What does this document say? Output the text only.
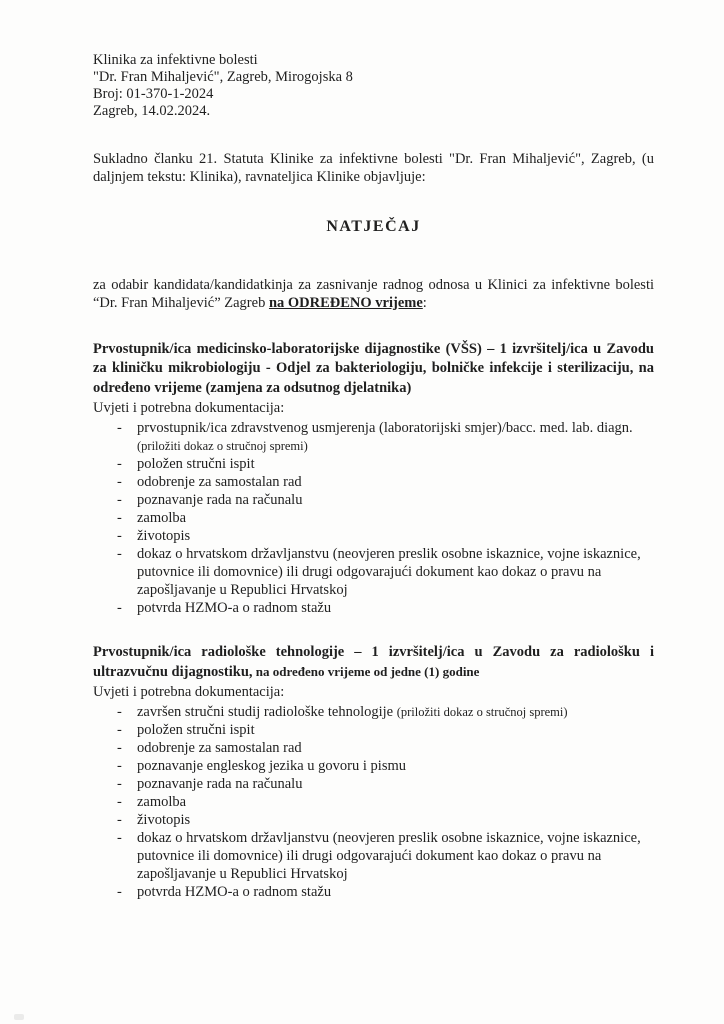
Klinika za infektivne bolesti
"Dr. Fran Mihaljević", Zagreb, Mirogojska 8
Broj: 01-370-1-2024
Zagreb, 14.02.2024.

Sukladno članku 21. Statuta Klinike za infektivne bolesti "Dr. Fran Mihaljević", Zagreb, (u daljnjem tekstu: Klinika), ravnateljica Klinike objavljuje:

NATJEČAJ

za odabir kandidata/kandidatkinja za zasnivanje radnog odnosa u Klinici za infektivne bolesti “Dr. Fran Mihaljević” Zagreb na ODREĐENO vrijeme:

Prvostupnik/ica medicinsko-laboratorijske dijagnostike (VŠS) – 1 izvršitelj/ica u Zavodu za kliničku mikrobiologiju - Odjel za bakteriologiju, bolničke infekcije i sterilizaciju, na određeno vrijeme (zamjena za odsutnog djelatnika)

Uvjeti i potrebna dokumentacija:
- prvostupnik/ica zdravstvenog usmjerenja (laboratorijski smjer)/bacc. med. lab. diagn.
(priložiti dokaz o stručnoj spremi)
- položen stručni ispit
- odobrenje za samostalan rad
- poznavanje rada na računalu
- zamolba
- životopis
- dokaz o hrvatskom državljanstvu (neovjeren preslik osobne iskaznice, vojne iskaznice, putovnice ili domovnice) ili drugi odgovarajući dokument kao dokaz o pravu na zapošljavanje u Republici Hrvatskoj
- potvrda HZMO-a o radnom stažu

Prvostupnik/ica radiološke tehnologije – 1 izvršitelj/ica u Zavodu za radiološku i ultrazvučnu dijagnostiku, na određeno vrijeme od jedne (1) godine

Uvjeti i potrebna dokumentacija:
- završen stručni studij radiološke tehnologije (priložiti dokaz o stručnoj spremi)
- položen stručni ispit
- odobrenje za samostalan rad
- poznavanje engleskog jezika u govoru i pismu
- poznavanje rada na računalu
- zamolba
- životopis
- dokaz o hrvatskom državljanstvu (neovjeren preslik osobne iskaznice, vojne iskaznice, putovnice ili domovnice) ili drugi odgovarajući dokument kao dokaz o pravu na zapošljavanje u Republici Hrvatskoj
- potvrda HZMO-a o radnom stažu
